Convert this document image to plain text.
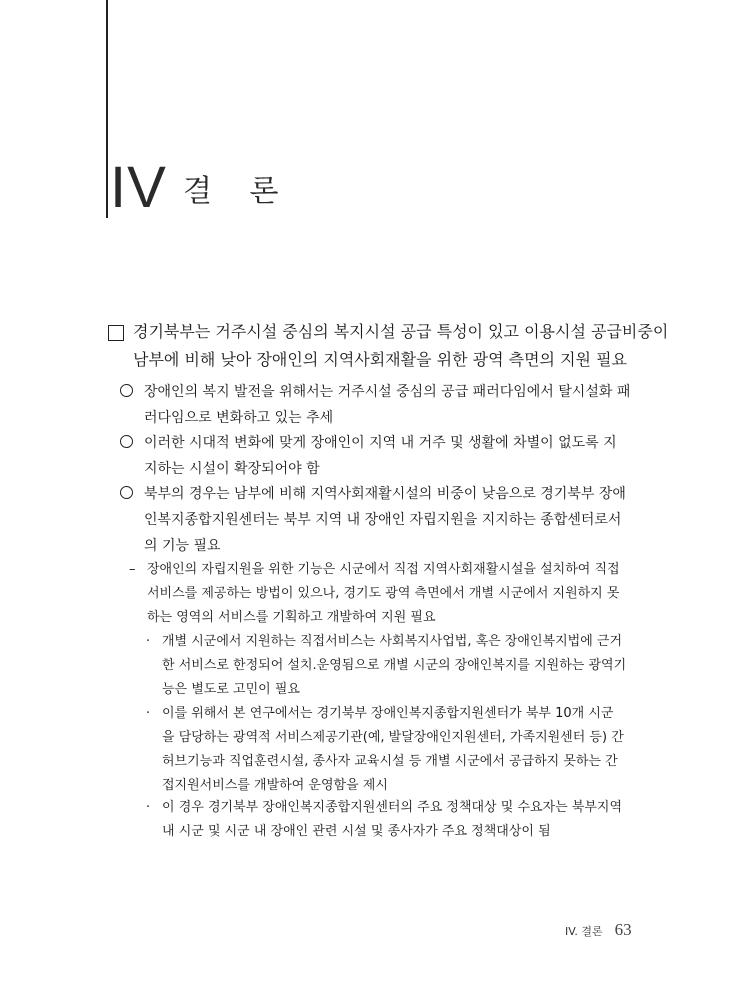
IV 결 론
경기북부는 거주시설 중심의 복지시설 공급 특성이 있고 이용시설 공급비중이
남부에 비해 낮아 장애인의 지역사회재활을 위한 광역 측면의 지원 필요
장애인의 복지 발전을 위해서는 거주시설 중심의 공급 패러다임에서 탈시설화 패
러다임으로 변화하고 있는 추세
이러한 시대적 변화에 맞게 장애인이 지역 내 거주 및 생활에 차별이 없도록 지
지하는 시설이 확장되어야 함
북부의 경우는 남부에 비해 지역사회재활시설의 비중이 낮음으로 경기북부 장애
인복지종합지원센터는 북부 지역 내 장애인 자립지원을 지지하는 종합센터로서
의 기능 필요
– 장애인의 자립지원을 위한 기능은 시군에서 직접 지역사회재활시설을 설치하여 직접
서비스를 제공하는 방법이 있으나, 경기도 광역 측면에서 개별 시군에서 지원하지 못
하는 영역의 서비스를 기획하고 개발하여 지원 필요
· 개별 시군에서 지원하는 직접서비스는 사회복지사업법, 혹은 장애인복지법에 근거
한 서비스로 한정되어 설치.운영됨으로 개별 시군의 장애인복지를 지원하는 광역기
능은 별도로 고민이 필요
· 이를 위해서 본 연구에서는 경기북부 장애인복지종합지원센터가 북부 10개 시군
을 담당하는 광역적 서비스제공기관(예, 발달장애인지원센터, 가족지원센터 등) 간
허브기능과 직업훈련시설, 종사자 교육시설 등 개별 시군에서 공급하지 못하는 간
접지원서비스를 개발하여 운영함을 제시
· 이 경우 경기북부 장애인복지종합지원센터의 주요 정책대상 및 수요자는 북부지역
내 시군 및 시군 내 장애인 관련 시설 및 종사자가 주요 정책대상이 됨
IV. 결론 63
